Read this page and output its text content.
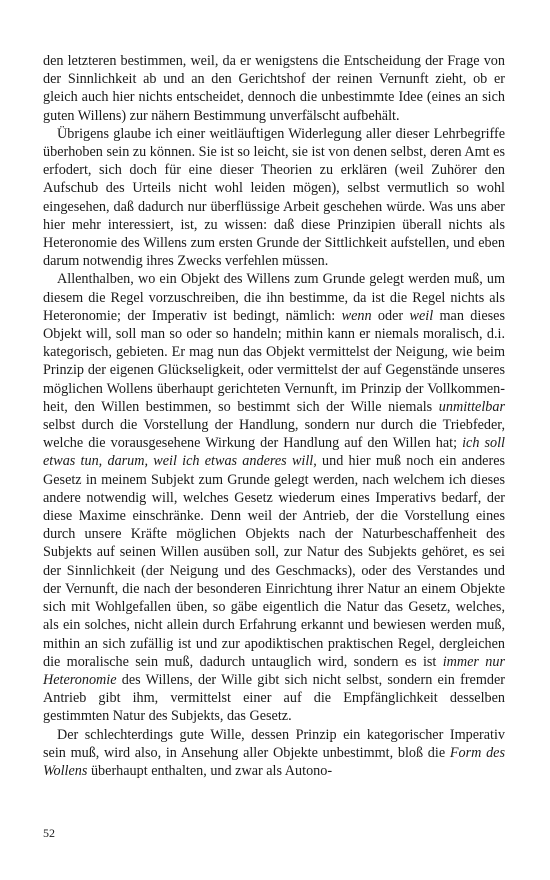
den letzteren bestimmen, weil, da er wenigstens die Entscheidung der Frage von der Sinnlichkeit ab und an den Gerichtshof der reinen Vernunft zieht, ob er gleich auch hier nichts entscheidet, dennoch die unbestimmte Idee (eines an sich guten Willens) zur nähern Bestimmung unverfälscht aufbehält.

Übrigens glaube ich einer weitläuftigen Widerlegung aller dieser Lehrbegriffe überhoben sein zu können. Sie ist so leicht, sie ist von denen selbst, deren Amt es erfodert, sich doch für eine dieser Theorien zu erklären (weil Zuhörer den Aufschub des Urteils nicht wohl leiden mögen), selbst vermutlich so wohl eingesehen, daß dadurch nur überflüssige Arbeit geschehen würde. Was uns aber hier mehr interessiert, ist, zu wissen: daß diese Prinzipien überall nichts als Heteronomie des Willens zum ersten Grunde der Sittlichkeit aufstellen, und eben darum notwendig ihres Zwecks verfehlen müssen.

Allenthalben, wo ein Objekt des Willens zum Grunde gelegt werden muß, um diesem die Regel vorzuschreiben, die ihn bestimme, da ist die Regel nichts als Heteronomie; der Imperativ ist bedingt, nämlich: wenn oder weil man dieses Objekt will, soll man so oder so handeln; mithin kann er niemals moralisch, d.i. kategorisch, gebieten. Er mag nun das Objekt vermittelst der Neigung, wie beim Prinzip der eigenen Glückseligkeit, oder vermittelst der auf Gegenstände unseres möglichen Wollens überhaupt gerichteten Vernunft, im Prinzip der Vollkommenheit, den Willen bestimmen, so bestimmt sich der Wille niemals unmittelbar selbst durch die Vorstellung der Handlung, sondern nur durch die Triebfeder, welche die vorausgesehene Wirkung der Handlung auf den Willen hat; ich soll etwas tun, darum, weil ich etwas anderes will, und hier muß noch ein anderes Gesetz in meinem Subjekt zum Grunde gelegt werden, nach welchem ich dieses andere notwendig will, welches Gesetz wiederum eines Imperativs bedarf, der diese Maxime einschränke. Denn weil der Antrieb, der die Vorstellung eines durch unsere Kräfte möglichen Objekts nach der Naturbeschaffenheit des Subjekts auf seinen Willen ausüben soll, zur Natur des Subjekts gehöret, es sei der Sinnlichkeit (der Neigung und des Geschmacks), oder des Verstandes und der Vernunft, die nach der besonderen Einrichtung ihrer Natur an einem Objekte sich mit Wohlgefallen üben, so gäbe eigentlich die Natur das Gesetz, welches, als ein solches, nicht allein durch Erfahrung erkannt und bewiesen werden muß, mithin an sich zufällig ist und zur apodiktischen praktischen Regel, dergleichen die moralische sein muß, dadurch untauglich wird, sondern es ist immer nur Heteronomie des Willens, der Wille gibt sich nicht selbst, sondern ein fremder Antrieb gibt ihm, vermittelst einer auf die Empfänglichkeit desselben gestimmten Natur des Subjekts, das Gesetz.

Der schlechterdings gute Wille, dessen Prinzip ein kategorischer Imperativ sein muß, wird also, in Ansehung aller Objekte unbestimmt, bloß die Form des Wollens überhaupt enthalten, und zwar als Autono-

52
